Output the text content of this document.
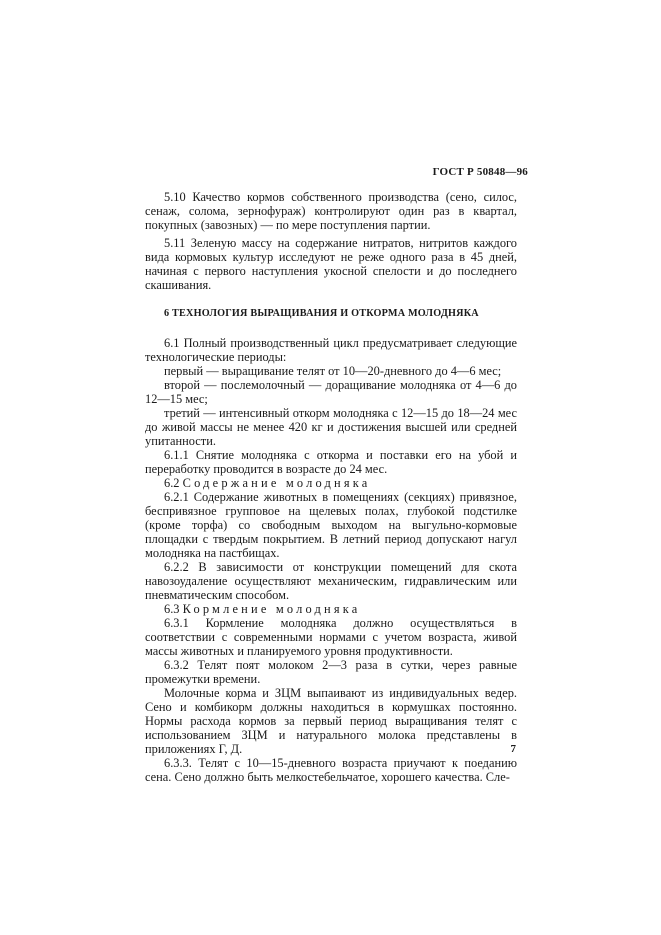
ГОСТ Р 50848—96

5.10 Качество кормов собственного производства (сено, силос, сенаж, солома, зернофураж) контролируют один раз в квартал, покупных (завозных) — по мере поступления партии.

5.11 Зеленую массу на содержание нитратов, нитритов каждого вида кормовых культур исследуют не реже одного раза в 45 дней, начиная с первого наступления укосной спелости и до последнего скашивания.

6 ТЕХНОЛОГИЯ ВЫРАЩИВАНИЯ И ОТКОРМА МОЛОДНЯКА

6.1 Полный производственный цикл предусматривает следующие технологические периоды:

первый — выращивание телят от 10—20-дневного до 4—6 мес;

второй — послемолочный — доращивание молодняка от 4—6 до 12—15 мес;

третий — интенсивный откорм молодняка с 12—15 до 18—24 мес до живой массы не менее 420 кг и достижения высшей или средней упитанности.

6.1.1 Снятие молодняка с откорма и поставки его на убой и переработку проводится в возрасте до 24 мес.

6.2 Содержание молодняка

6.2.1 Содержание животных в помещениях (секциях) привязное, беспривязное групповое на щелевых полах, глубокой подстилке (кроме торфа) со свободным выходом на выгульно-кормовые площадки с твердым покрытием. В летний период допускают нагул молодняка на пастбищах.

6.2.2 В зависимости от конструкции помещений для скота навозоудаление осуществляют механическим, гидравлическим или пневматическим способом.

6.3 Кормление молодняка

6.3.1 Кормление молодняка должно осуществляться в соответствии с современными нормами с учетом возраста, живой массы животных и планируемого уровня продуктивности.

6.3.2 Телят поят молоком 2—3 раза в сутки, через равные промежутки времени.

Молочные корма и ЗЦМ выпаивают из индивидуальных ведер. Сено и комбикорм должны находиться в кормушках постоянно. Нормы расхода кормов за первый период выращивания телят с использованием ЗЦМ и натурального молока представлены в приложениях Г, Д.

6.3.3. Телят с 10—15-дневного возраста приучают к поеданию сена. Сено должно быть мелкостебельчатое, хорошего качества. Сле-

7
